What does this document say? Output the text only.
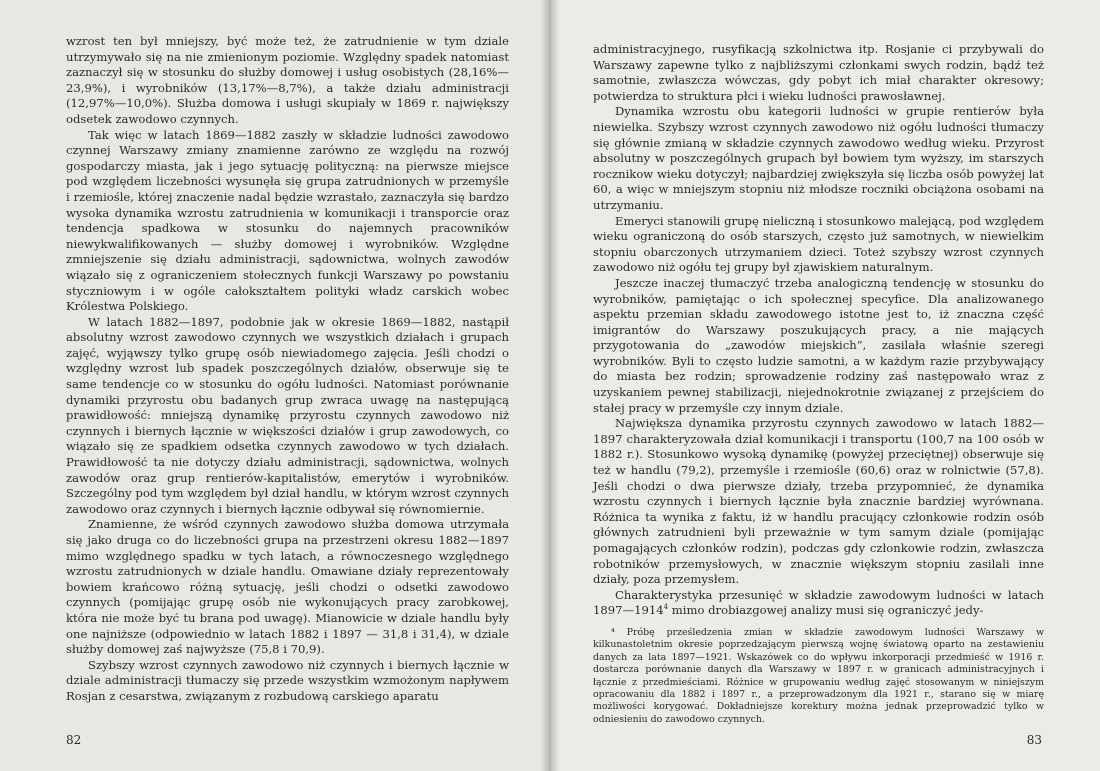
wzrost ten był mniejszy, być może też, że zatrudnienie w tym dziale utrzymywało się na nie zmienionym poziomie. Względny spadek natomiast zaznaczył się w stosunku do służby domowej i usług osobistych (28,16%—23,9%), i wyrobników (13,17%—8,7%), a także działu administracji (12,97%—10,0%). Służba domowa i usługi skupiały w 1869 r. największy odsetek zawodowo czynnych.

Tak więc w latach 1869—1882 zaszły w składzie ludności zawodowo czynnej Warszawy zmiany znamienne zarówno ze względu na rozwój gospodarczy miasta, jak i jego sytuację polityczną: na pierwsze miejsce pod względem liczebności wysunęła się grupa zatrudnionych w przemyśle i rzemiośle, której znaczenie nadal będzie wzrastało, zaznaczyła się bardzo wysoka dynamika wzrostu zatrudnienia w komunikacji i transporcie oraz tendencja spadkowa w stosunku do najemnych pracowników niewykwalifikowanych — służby domowej i wyrobników. Względne zmniejszenie się działu administracji, sądownictwa, wolnych zawodów wiązało się z ograniczeniem stołecznych funkcji Warszawy po powstaniu styczniowym i w ogóle całokształtem polityki władz carskich wobec Królestwa Polskiego.

W latach 1882—1897, podobnie jak w okresie 1869—1882, nastąpił absolutny wzrost zawodowo czynnych we wszystkich działach i grupach zajęć, wyjąwszy tylko grupę osób niewiadomego zajęcia. Jeśli chodzi o względny wzrost lub spadek poszczególnych działów, obserwuje się te same tendencje co w stosunku do ogółu ludności. Natomiast porównanie dynamiki przyrostu obu badanych grup zwraca uwagę na następującą prawidłowość: mniejszą dynamikę przyrostu czynnych zawodowo niż czynnych i biernych łącznie w większości działów i grup zawodowych, co wiązało się ze spadkiem odsetka czynnych zawodowo w tych działach. Prawidłowość ta nie dotyczy działu administracji, sądownictwa, wolnych zawodów oraz grup rentierów-kapitalistów, emerytów i wyrobników. Szczególny pod tym względem był dział handlu, w którym wzrost czynnych zawodowo oraz czynnych i biernych łącznie odbywał się równomiernie.

Znamienne, że wśród czynnych zawodowo służba domowa utrzymała się jako druga co do liczebności grupa na przestrzeni okresu 1882—1897 mimo względnego spadku w tych latach, a równoczesnego względnego wzrostu zatrudnionych w dziale handlu. Omawiane działy reprezentowały bowiem krańcowo różną sytuację, jeśli chodzi o odsetki zawodowo czynnych (pomijając grupę osób nie wykonujących pracy zarobkowej, która nie może być tu brana pod uwagę). Mianowicie w dziale handlu były one najniższe (odpowiednio w latach 1882 i 1897 — 31,8 i 31,4), w dziale służby domowej zaś najwyższe (75,8 i 70,9).

Szybszy wzrost czynnych zawodowo niż czynnych i biernych łącznie w dziale administracji tłumaczy się przede wszystkim wzmożonym napływem Rosjan z cesarstwa, związanym z rozbudową carskiego aparatu

82

administracyjnego, rusyfikacją szkolnictwa itp. Rosjanie ci przybywali do Warszawy zapewne tylko z najbliższymi członkami swych rodzin, bądź też samotnie, zwłaszcza wówczas, gdy pobyt ich miał charakter okresowy; potwierdza to struktura płci i wieku ludności prawosławnej.

Dynamika wzrostu obu kategorii ludności w grupie rentierów była niewielka. Szybszy wzrost czynnych zawodowo niż ogółu ludności tłumaczy się głównie zmianą w składzie czynnych zawodowo według wieku. Przyrost absolutny w poszczególnych grupach był bowiem tym wyższy, im starszych rocznikow wieku dotyczył; najbardziej zwiększyła się liczba osób powyżej lat 60, a więc w mniejszym stopniu niż młodsze roczniki obciążona osobami na utrzymaniu.

Emeryci stanowili grupę nieliczną i stosunkowo malejącą, pod względem wieku ograniczoną do osób starszych, często już samotnych, w niewielkim stopniu obarczonych utrzymaniem dzieci. Toteż szybszy wzrost czynnych zawodowo niż ogółu tej grupy był zjawiskiem naturalnym.

Jeszcze inaczej tłumaczyć trzeba analogiczną tendencję w stosunku do wyrobników, pamiętając o ich społecznej specyfice. Dla analizowanego aspektu przemian składu zawodowego istotne jest to, iż znaczna część imigrantów do Warszawy poszukujących pracy, a nie mających przygotowania do „zawodów miejskich”, zasilała właśnie szeregi wyrobników. Byli to często ludzie samotni, a w każdym razie przybywający do miasta bez rodzin; sprowadzenie rodziny zaś następowało wraz z uzyskaniem pewnej stabilizacji, niejednokrotnie związanej z przejściem do stałej pracy w przemyśle czy innym dziale.

Największa dynamika przyrostu czynnych zawodowo w latach 1882—1897 charakteryzowała dział komunikacji i transportu (100,7 na 100 osób w 1882 r.). Stosunkowo wysoką dynamikę (powyżej przeciętnej) obserwuje się też w handlu (79,2), przemyśle i rzemiośle (60,6) oraz w rolnictwie (57,8). Jeśli chodzi o dwa pierwsze działy, trzeba przypomnieć, że dynamika wzrostu czynnych i biernych łącznie była znacznie bardziej wyrównana. Różnica ta wynika z faktu, iż w handlu pracujący członkowie rodzin osób głównych zatrudnieni byli przeważnie w tym samym dziale (pomijając pomagających członków rodzin), podczas gdy członkowie rodzin, zwłaszcza robotników przemysłowych, w znacznie większym stopniu zasilali inne działy, poza przemysłem.

Charakterystyka przesunięć w składzie zawodowym ludności w latach 1897—1914$^4$ mimo drobiazgowej analizy musi się ograniczyć jedy-

⁴ Próbę prześledzenia zmian w składzie zawodowym ludności Warszawy w kilkunastoletnim okresie poprzedzającym pierwszą wojnę światową oparto na zestawieniu danych za lata 1897—1921. Wskazówek co do wpływu inkorporacji przedmieść w 1916 r. dostarcza porównanie danych dla Warszawy w 1897 r. w granicach administracyjnych i łącznie z przedmieściami. Różnice w grupowaniu według zajęć stosowanym w niniejszym opracowaniu dla 1882 i 1897 r., a przeprowadzonym dla 1921 r., starano się w miarę możliwości korygować. Dokładniejsze korektury można jednak przeprowadzić tylko w odniesieniu do zawodowo czynnych.

83
